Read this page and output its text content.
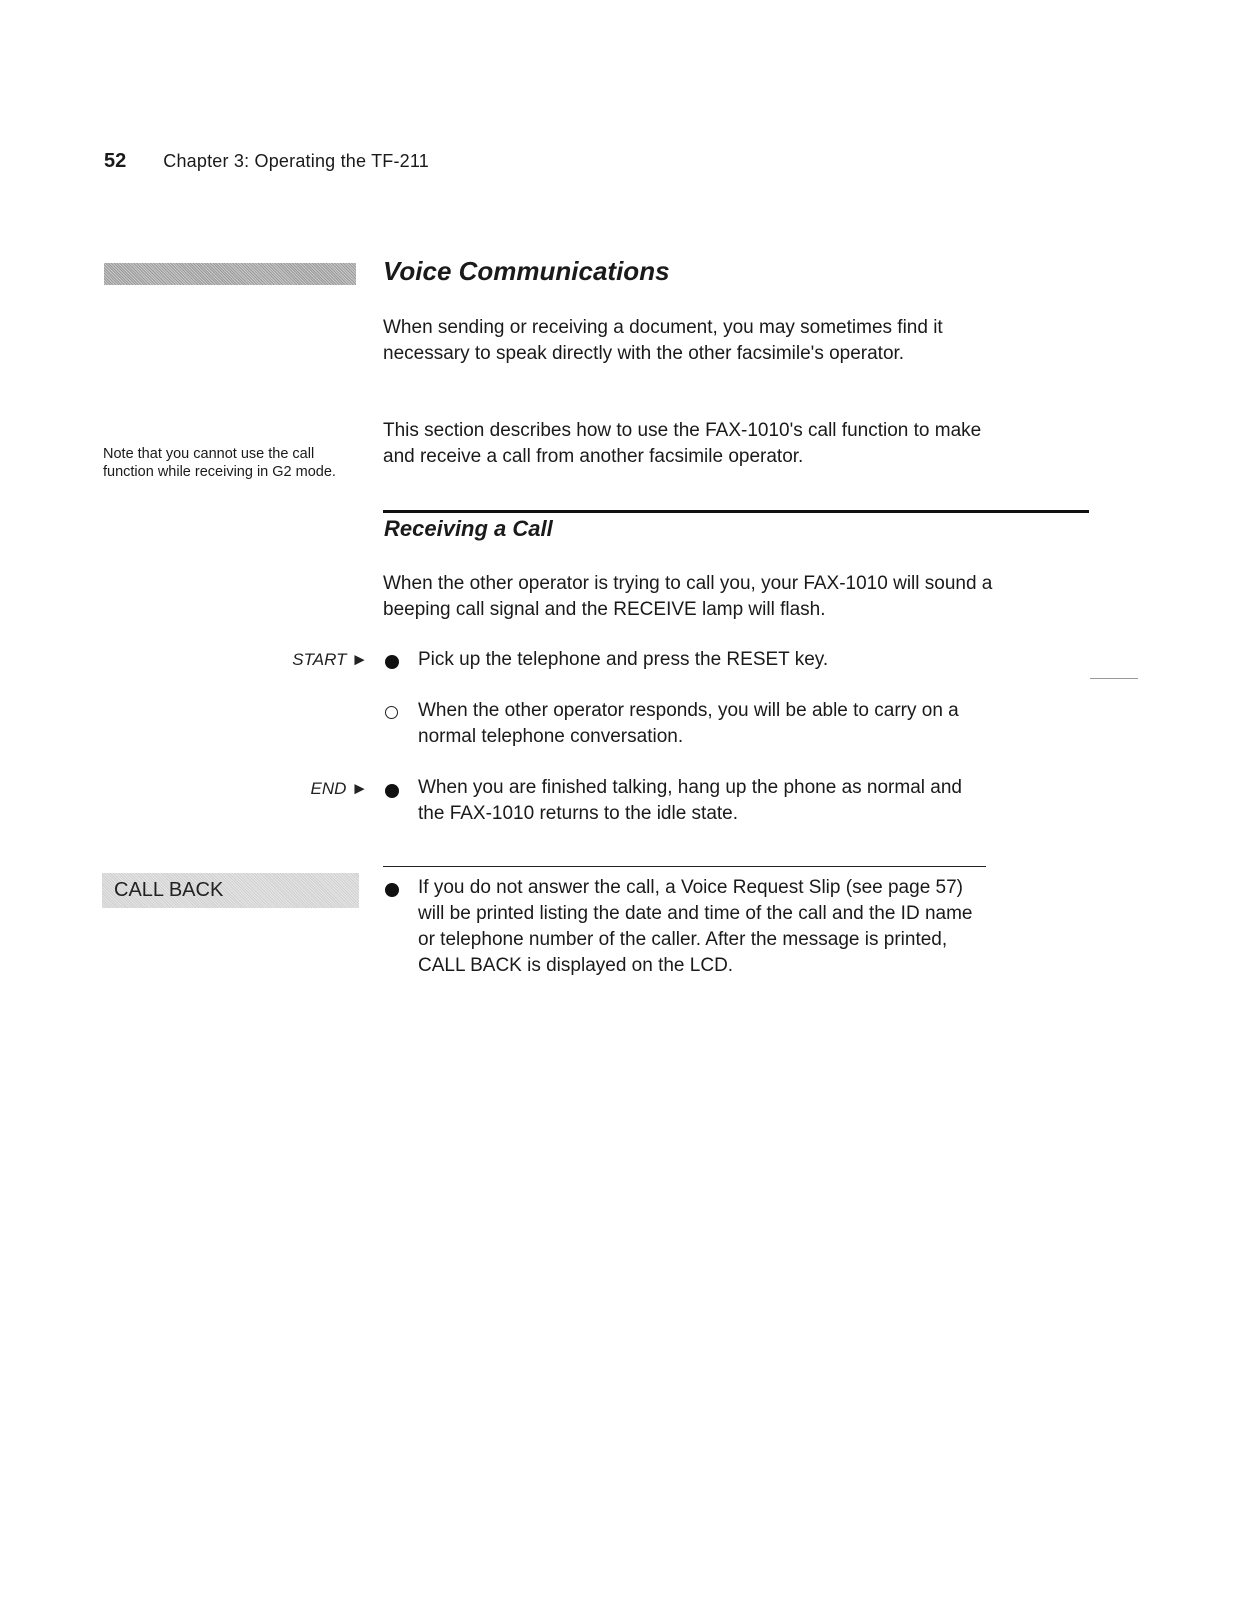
52 Chapter 3: Operating the TF-211
Voice Communications
When sending or receiving a document, you may sometimes find it necessary to speak directly with the other facsimile's operator.
This section describes how to use the FAX-1010's call function to make and receive a call from another facsimile operator.
Note that you cannot use the call function while receiving in G2 mode.
Receiving a Call
When the other operator is trying to call you, your FAX-1010 will sound a beeping call signal and the RECEIVE lamp will flash.
START ►	Pick up the telephone and press the RESET key.
When the other operator responds, you will be able to carry on a normal telephone conversation.
END ►	When you are finished talking, hang up the phone as normal and the FAX-1010 returns to the idle state.
CALL BACK	If you do not answer the call, a Voice Request Slip (see page 57) will be printed listing the date and time of the call and the ID name or telephone number of the caller. After the message is printed, CALL BACK is displayed on the LCD.
